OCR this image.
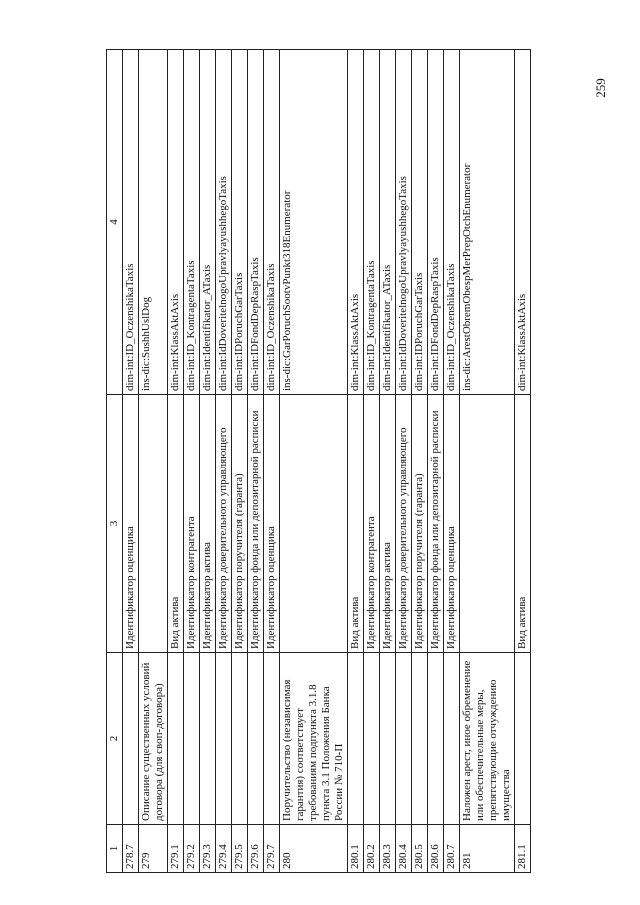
259
1	2	3	4
278.7		Идентификатор оценщика	dim-int:ID_OczenshikaTaxis
279	Описание существенных условий договора (для своп-договора)		ins-dic:SushhUslDog
279.1		Вид актива	dim-int:KlassAktAxis
279.2		Идентификатор контрагента	dim-int:ID_KontragentaTaxis
279.3		Идентификатор актива	dim-int:Identifikator_ATaxis
279.4		Идентификатор доверительного управляющего	dim-int:IdDoveritelnogoUpravlyayushhegoTaxis
279.5		Идентификатор поручителя (гаранта)	dim-int:IDPoruchGarTaxis
279.6		Идентификатор фонда или депозитарной расписки	dim-int:IDFondDepRaspTaxis
279.7		Идентификатор оценщика	dim-int:ID_OczenshikaTaxis
280	Поручительство (независимая гарантия) соответствует требованиям подпункта 3.1.8 пункта 3.1 Положения Банка России № 710-П		ins-dic:GarPoruchSootvPunkt318Enumerator
280.1		Вид актива	dim-int:KlassAktAxis
280.2		Идентификатор контрагента	dim-int:ID_KontragentaTaxis
280.3		Идентификатор актива	dim-int:Identifikator_ATaxis
280.4		Идентификатор доверительного управляющего	dim-int:IdDoveritelnogoUpravlyayushhegoTaxis
280.5		Идентификатор поручителя (гаранта)	dim-int:IDPoruchGarTaxis
280.6		Идентификатор фонда или депозитарной расписки	dim-int:IDFondDepRaspTaxis
280.7		Идентификатор оценщика	dim-int:ID_OczenshikaTaxis
281	Наложен арест, иное обременение или обеспечительные меры, препятствующие отчуждению имущества		ins-dic:ArestObremObespMerPrepOtchEnumerator
281.1		Вид актива	dim-int:KlassAktAxis
